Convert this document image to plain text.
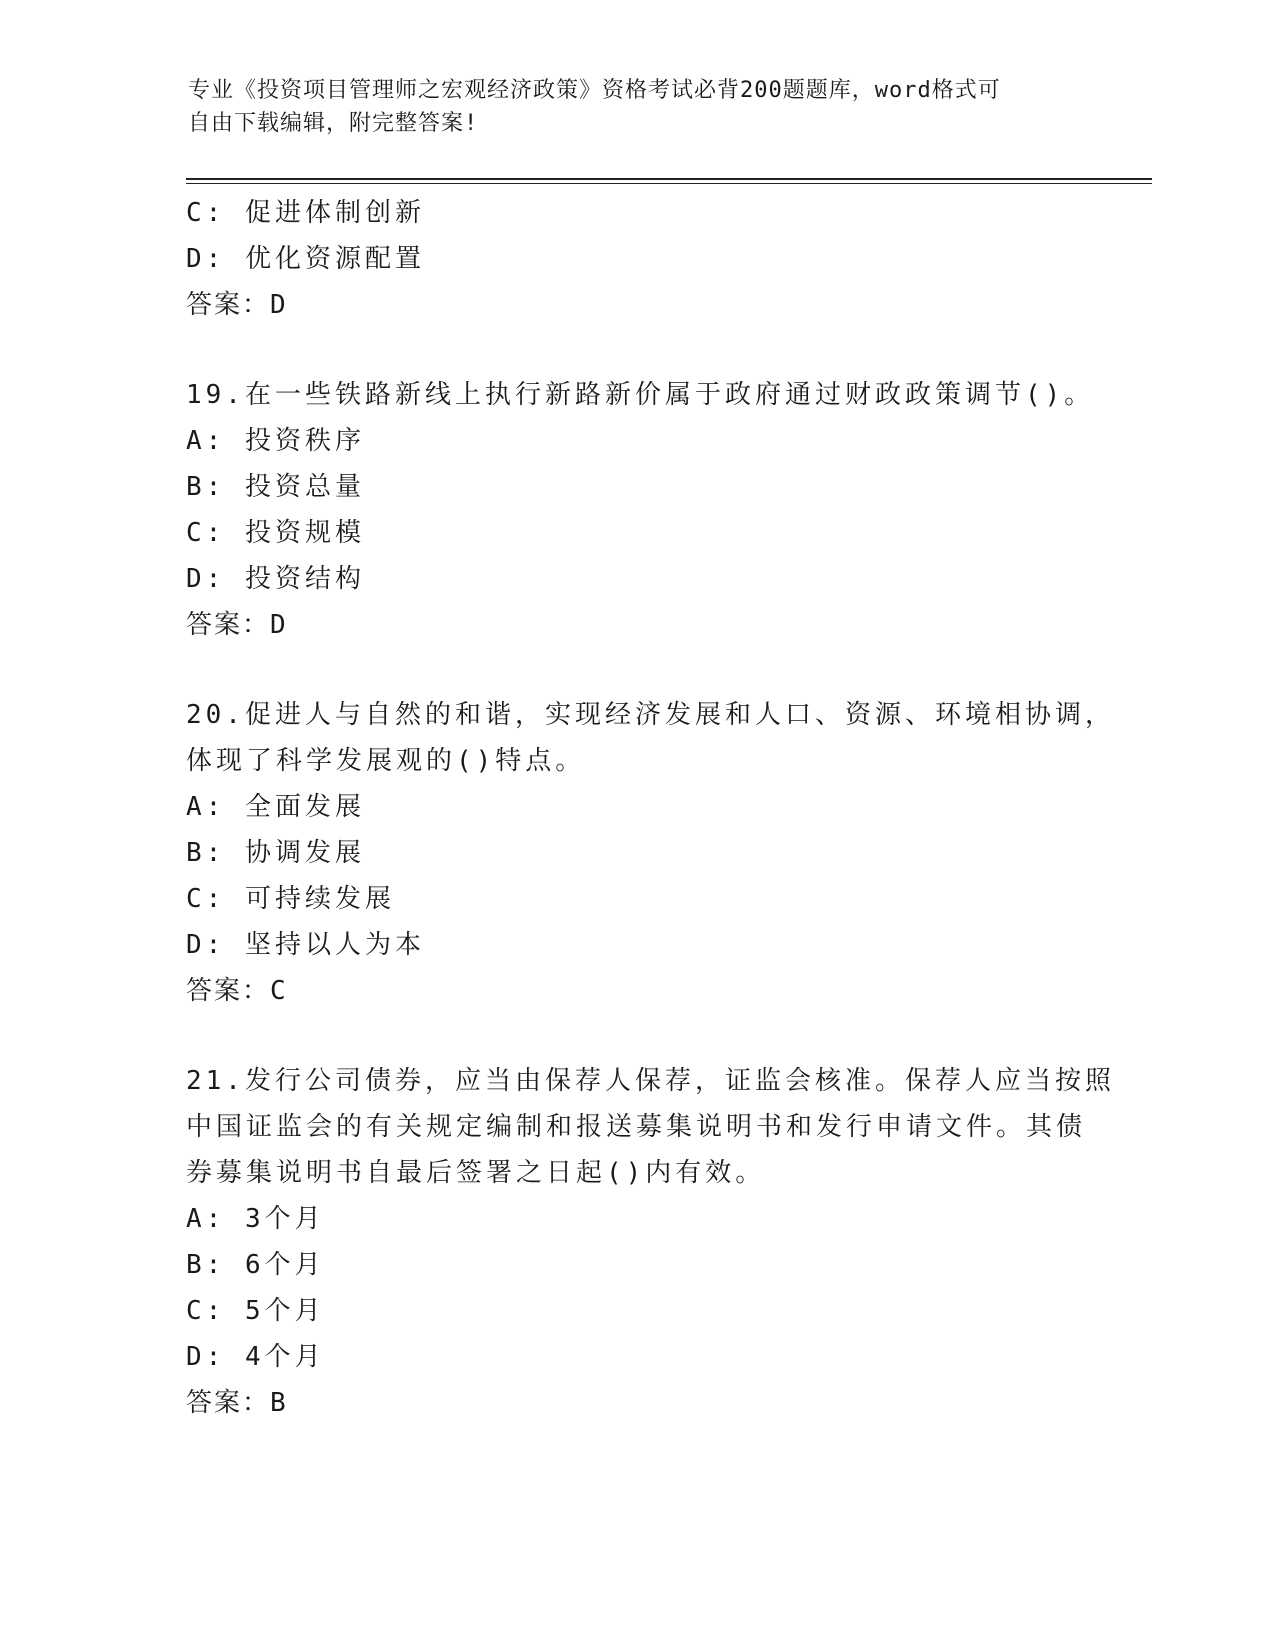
专业《投资项目管理师之宏观经济政策》资格考试必背200题题库，word格式可
自由下载编辑，附完整答案!
C: 促进体制创新
D: 优化资源配置
答案：D
19.在一些铁路新线上执行新路新价属于政府通过财政政策调节()。
A: 投资秩序
B: 投资总量
C: 投资规模
D: 投资结构
答案：D
20.促进人与自然的和谐，实现经济发展和人口、资源、环境相协调，
体现了科学发展观的()特点。
A: 全面发展
B: 协调发展
C: 可持续发展
D: 坚持以人为本
答案：C
21.发行公司债券，应当由保荐人保荐，证监会核准。保荐人应当按照
中国证监会的有关规定编制和报送募集说明书和发行申请文件。其债
券募集说明书自最后签署之日起()内有效。
A: 3个月
B: 6个月
C: 5个月
D: 4个月
答案：B
